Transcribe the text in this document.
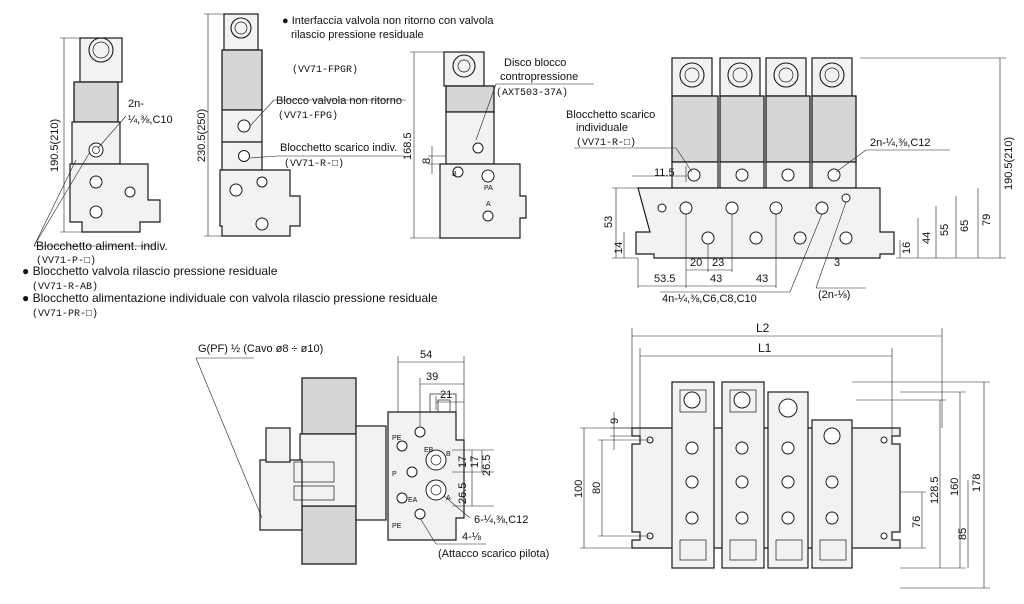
190.5(210)
2n-
¼,⅜,C10
Blocchetto aliment. indiv.
(VV71-P-□)
● Blocchetto valvola rilascio pressione residuale
(VV71-R-AB)
● Blocchetto alimentazione individuale con valvola rilascio pressione residuale
(VV71-PR-□)
230.5(250)
● Interfaccia valvola non ritorno con valvola
rilascio pressione residuale
(VV71-FPGR)
Blocco valvola non ritorno
(VV71-FPG)
Blocchetto scarico indiv.
(VV71-R-□)
168.5
8
B
PA
A
Disco blocco
contropressione
(AXT503-37A)
11.5
53
14
20 23
53.5	43	43
3
16
44
55 65 79
190.5(210)
Blocchetto scarico
individuale
(VV71-R-□)	2n-¼,⅜,C12
4n-¼,⅜,C6,C8,C10	(2n-⅛)
PE
EB
P
EA
PE
B
A
54
39
21
17 17
26.5
26.5
G(PF) ½ (Cavo ø8 ÷ ø10)
6-¼,⅜,C12
4-⅛
(Attacco scarico pilota)
L2
L1
9
100 80
76
128.5 160 178
85
